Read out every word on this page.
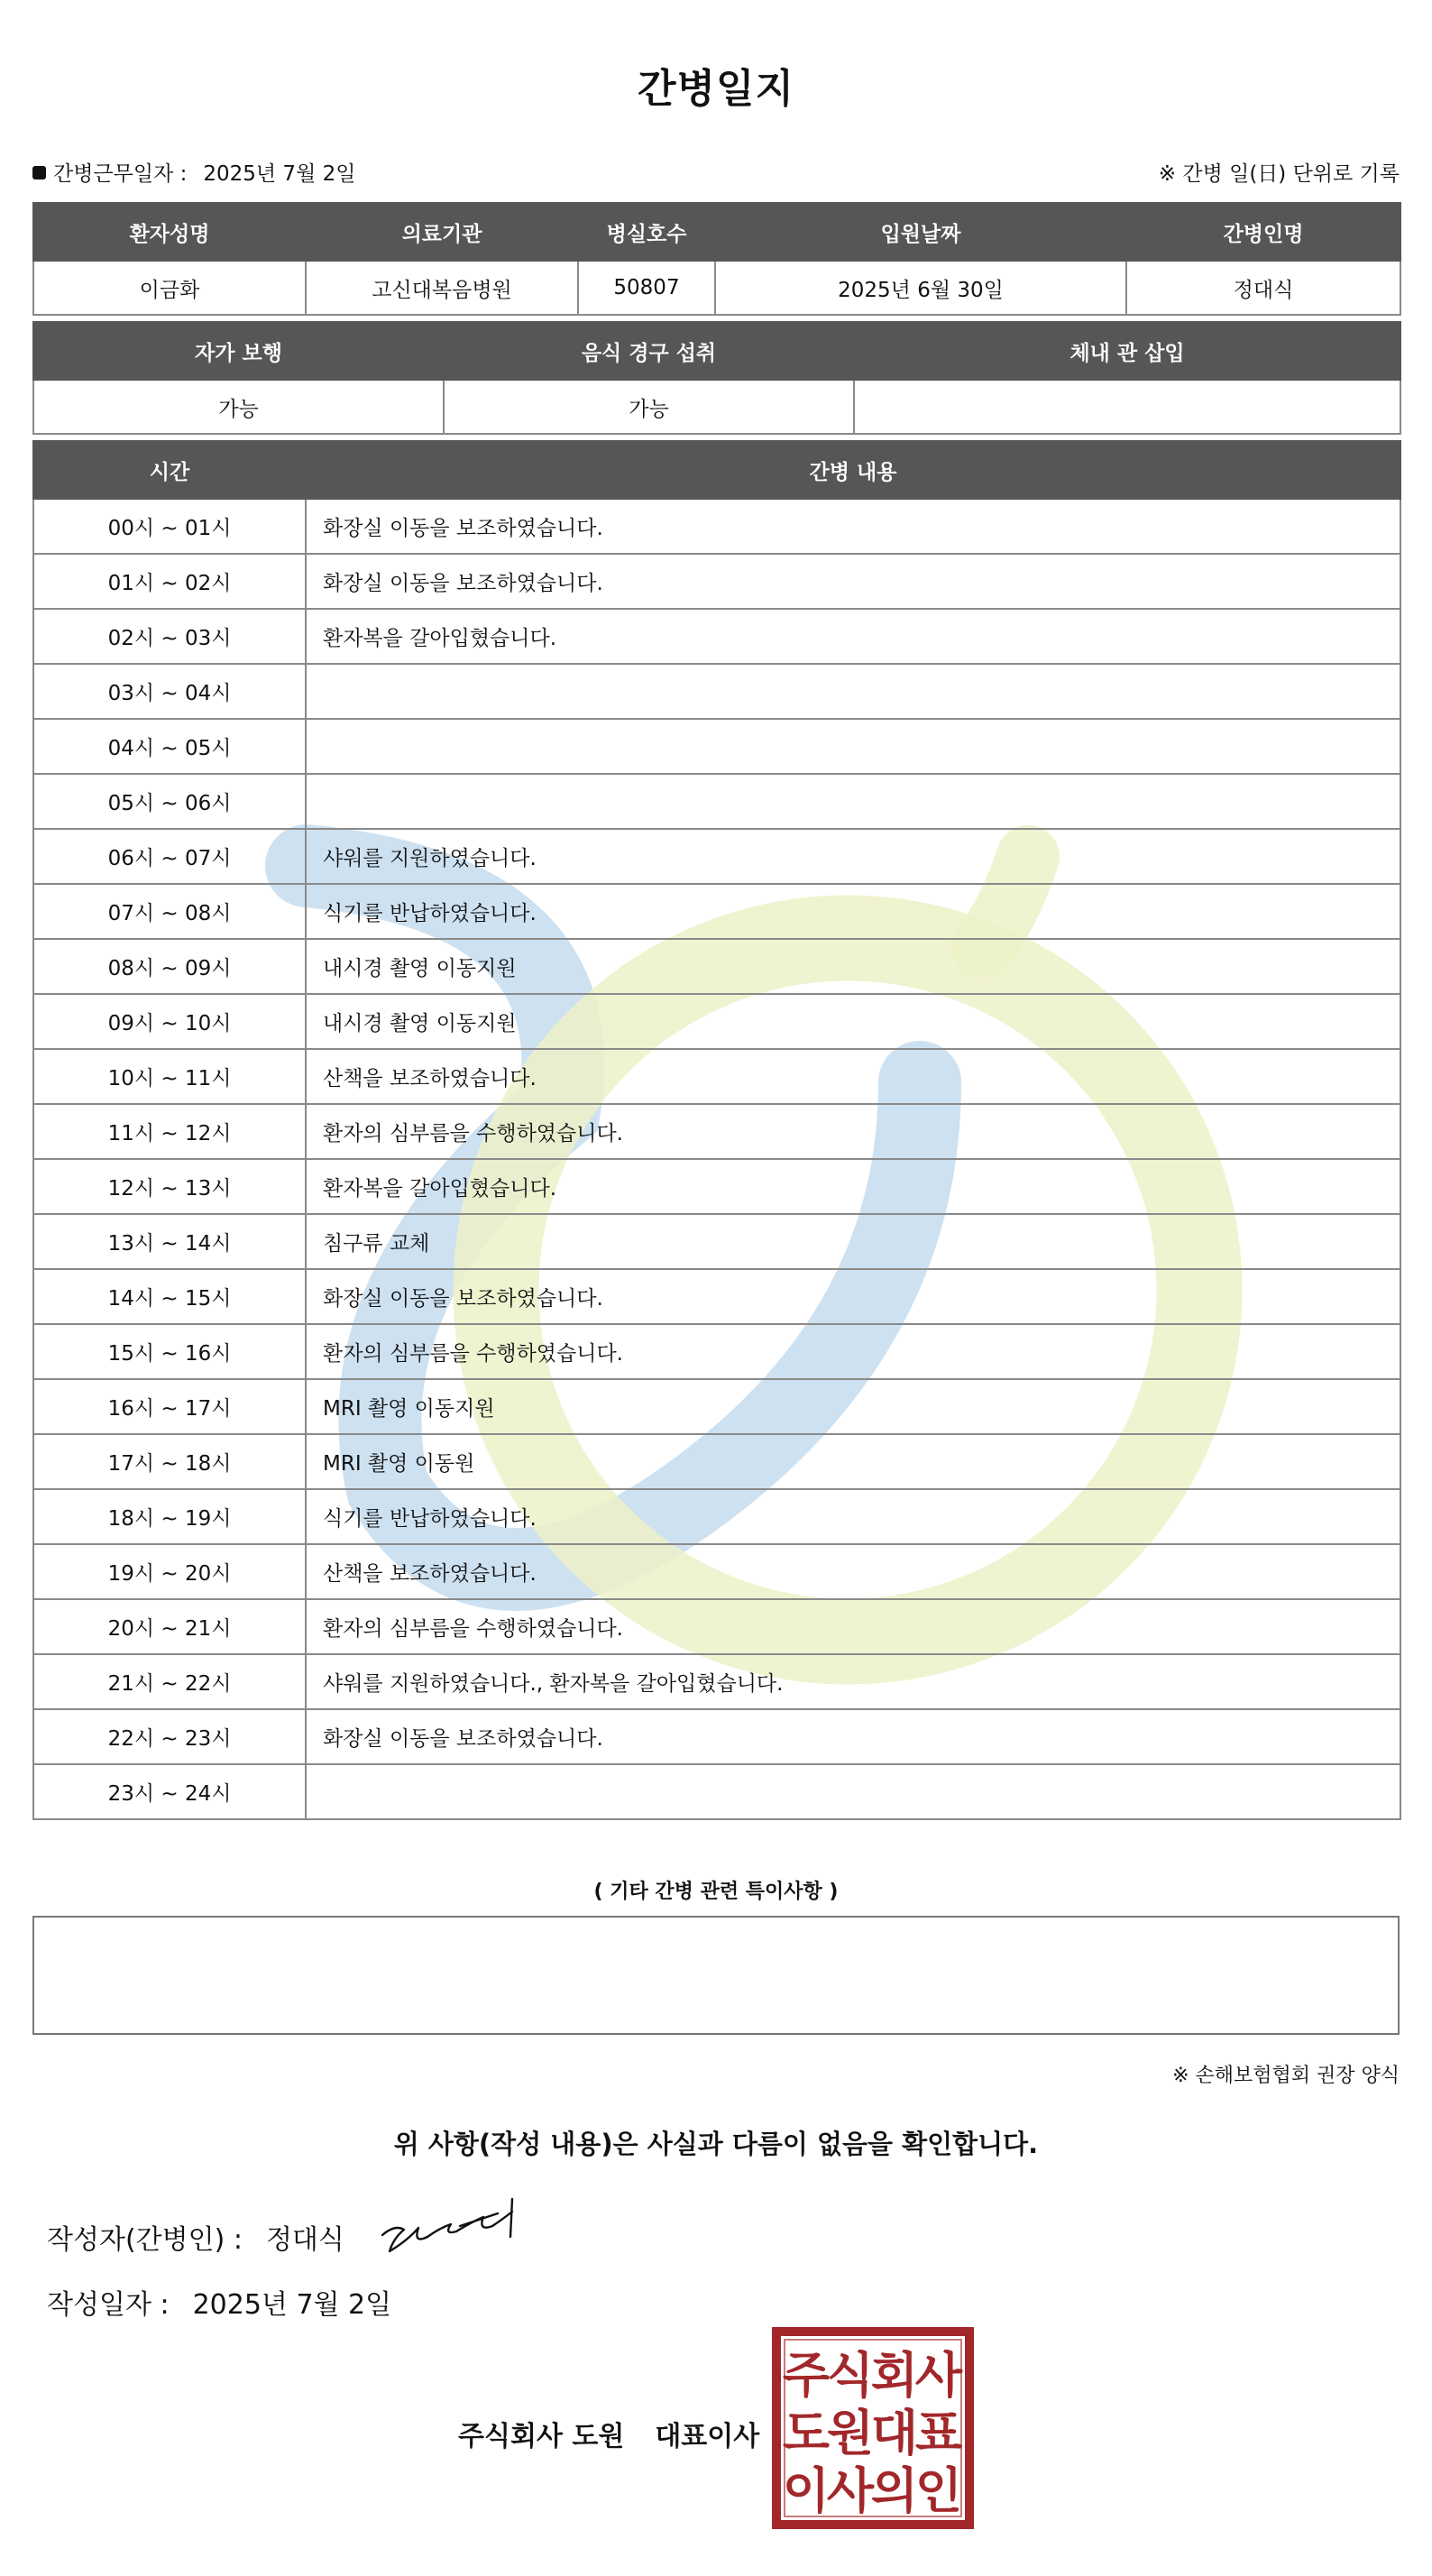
간병일지
간병근무일자 : 2025년 7월 2일	※ 간병 일(日) 단위로 기록
환자성명	의료기관	병실호수	입원날짜	간병인명
이금화	고신대복음병원	50807	2025년 6월 30일	정대식
자가 보행	음식 경구 섭취	체내 관 삽입
가능	가능	
시간	간병 내용
00시 ~ 01시	화장실 이동을 보조하였습니다.
01시 ~ 02시	화장실 이동을 보조하였습니다.
02시 ~ 03시	환자복을 갈아입혔습니다.
03시 ~ 04시	
04시 ~ 05시	
05시 ~ 06시	
06시 ~ 07시	샤워를 지원하였습니다.
07시 ~ 08시	식기를 반납하였습니다.
08시 ~ 09시	내시경 촬영 이동지원
09시 ~ 10시	내시경 촬영 이동지원
10시 ~ 11시	산책을 보조하였습니다.
11시 ~ 12시	환자의 심부름을 수행하였습니다.
12시 ~ 13시	환자복을 갈아입혔습니다.
13시 ~ 14시	침구류 교체
14시 ~ 15시	화장실 이동을 보조하였습니다.
15시 ~ 16시	환자의 심부름을 수행하였습니다.
16시 ~ 17시	MRI 촬영 이동지원
17시 ~ 18시	MRI 촬영 이동원
18시 ~ 19시	식기를 반납하였습니다.
19시 ~ 20시	산책을 보조하였습니다.
20시 ~ 21시	환자의 심부름을 수행하였습니다.
21시 ~ 22시	샤워를 지원하였습니다., 환자복을 갈아입혔습니다.
22시 ~ 23시	화장실 이동을 보조하였습니다.
23시 ~ 24시	
( 기타 간병 관련 특이사항 )
※ 손해보험협회 권장 양식
위 사항(작성 내용)은 사실과 다름이 없음을 확인합니다.
작성자(간병인) : 정대식
작성일자 : 2025년 7월 2일
주식회사 도원 대표이사
주
식
회
사
도
원
대
표
이
사
의
인
